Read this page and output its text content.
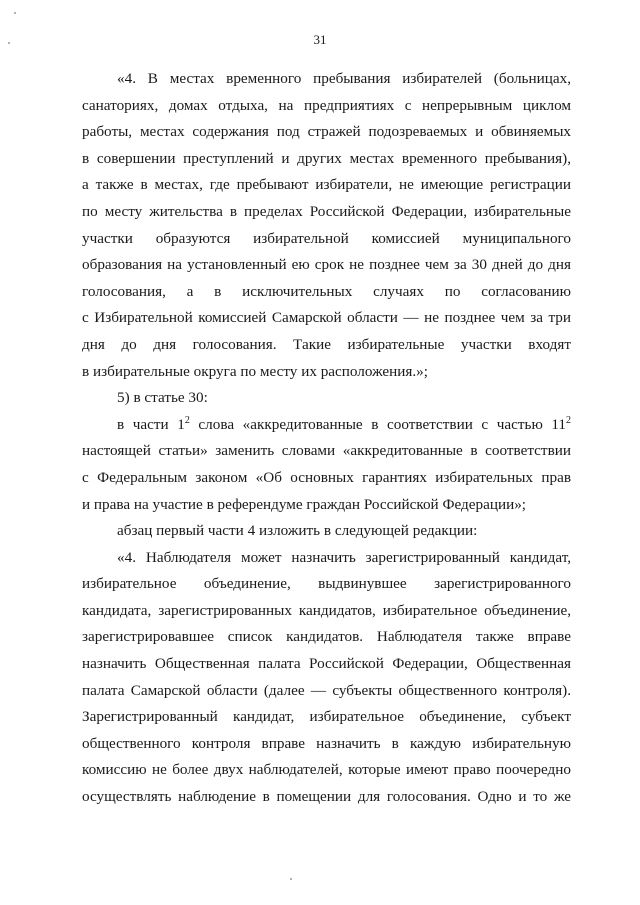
31

«4. В местах временного пребывания избирателей (больницах,
санаториях, домах отдыха, на предприятиях с непрерывным циклом
работы, местах содержания под стражей подозреваемых и обвиняемых
в совершении преступлений и других местах временного пребывания),
а также в местах, где пребывают избиратели, не имеющие регистрации
по месту жительства в пределах Российской Федерации, избирательные
участки образуются избирательной комиссией муниципального
образования на установленный ею срок не позднее чем за 30 дней до дня
голосования, а в исключительных случаях по согласованию
с Избирательной комиссией Самарской области — не позднее чем за три
дня до дня голосования. Такие избирательные участки входят
в избирательные округа по месту их расположения.»;

5) в статье 30:

в части $1^2$ слова «аккредитованные в соответствии с частью $11^2$
настоящей статьи» заменить словами «аккредитованные в соответствии
с Федеральным законом «Об основных гарантиях избирательных прав
и права на участие в референдуме граждан Российской Федерации»;

абзац первый части 4 изложить в следующей редакции:

«4. Наблюдателя может назначить зарегистрированный кандидат,
избирательное объединение, выдвинувшее зарегистрированного
кандидата, зарегистрированных кандидатов, избирательное объединение,
зарегистрировавшее список кандидатов. Наблюдателя также вправе
назначить Общественная палата Российской Федерации, Общественная
палата Самарской области (далее — субъекты общественного контроля).
Зарегистрированный кандидат, избирательное объединение, субъект
общественного контроля вправе назначить в каждую избирательную
комиссию не более двух наблюдателей, которые имеют право поочередно
осуществлять наблюдение в помещении для голосования. Одно и то же
